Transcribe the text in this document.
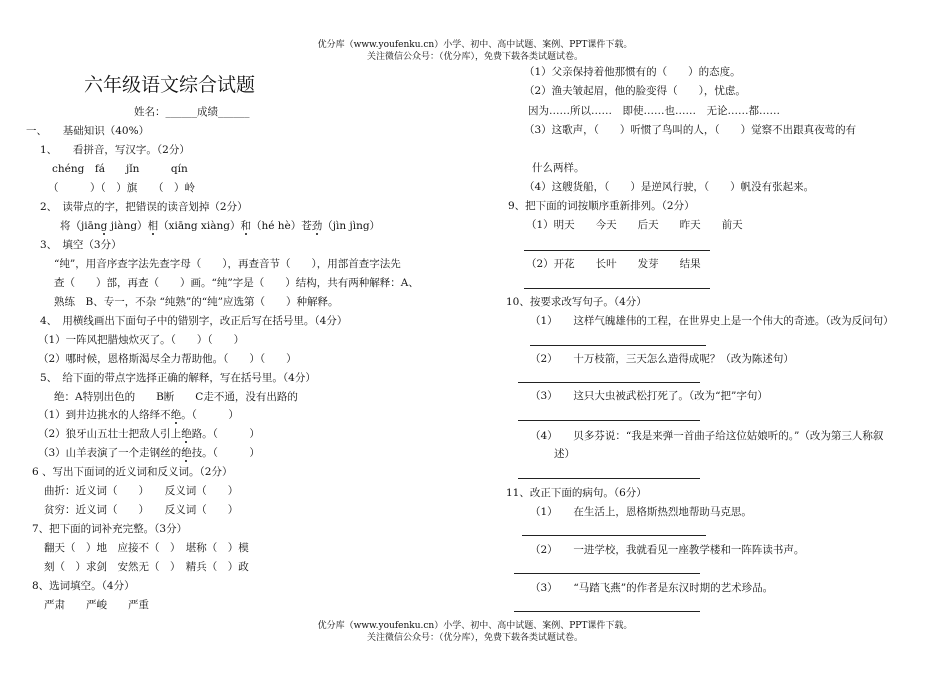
优分库（www.youfenku.cn）小学、初中、高中试题、案例、PPT课件下载。
关注微信公众号：（优分库），免费下载各类试题试卷。
六年级语文综合试题
姓名：______成绩______
一、　　基础知识（40%）
1、　　看拼音，写汉字。（2分）
chéng　fá　　jǐn　　　qín
（　　　）（　）旗　　（　）岭
2、　读带点的字，把错误的读音划掉（2分）
将（jiāng jiàng）相（xiāng xiàng）和（hé hè）苍劲（jìn jìng）
3、　填空（3分）
“纯”，用音序查字法先查字母（　　），再查音节（　　），用部首查字法先
查（　　）部，再查（　　）画。“纯”字是（　　）结构，共有两种解释：A、
熟练　B、专一，不杂 “纯熟”的“纯”应选第（　　）种解释。
4、　用横线画出下面句子中的错别字，改正后写在括号里。（4分）
（1）一阵风把腊烛炊灭了。（　　）（　　）
（2）哪时候，恩格斯渴尽全力帮助他。（　　）（　　）
5、　给下面的带点字选择正确的解释，写在括号里。（4分）
绝：A特别出色的　　B断　　C走不通，没有出路的
（1）到井边挑水的人络绎不绝。（　　　）
（2）狼牙山五壮士把敌人引上绝路。（　　　）
（3）山羊表演了一个走钢丝的绝技。（　　　）
6 、写出下面词的近义词和反义词。（2分）
曲折：近义词（　　）　　反义词（　　）
贫穷：近义词（　　）　　反义词（　　）
7、把下面的词补充完整。（3分）
翻天（　）地　应接不（　）　堪称（　）模
刻（　）求剑　安然无（　）　精兵（　）政
8、选词填空。（4分）
严肃　　严峻　　严重
（1）父亲保持着他那惯有的（　　）的态度。
（2）渔夫皱起眉，他的脸变得（　　），忧虑。
因为……所以……　即使……也……　无论……都……
（3）这歌声，（　　）听惯了鸟叫的人，（　　）觉察不出跟真夜莺的有
什么两样。
（4）这艘货船，（　　）是逆风行驶，（　　）帆没有张起来。
9、把下面的词按顺序重新排列。（2分）
（1）明天　　今天　　后天　　昨天　　前天
（2）开花　　长叶　　发芽　　结果
10、按要求改写句子。（4分）
（1）　　这样气魄雄伟的工程，在世界史上是一个伟大的奇迹。（改为反问句）
（2）　　十万枝箭，三天怎么造得成呢？（改为陈述句）
（3）　　这只大虫被武松打死了。（改为“把”字句）
（4）　　贝多芬说：“我是来弹一首曲子给这位姑娘听的。”（改为第三人称叙
述）
11、改正下面的病句。（6分）
（1）　　在生活上，恩格斯热烈地帮助马克思。
（2）　　一进学校，我就看见一座教学楼和一阵阵读书声。
（3）　　“马踏飞燕”的作者是东汉时期的艺术珍品。
优分库（www.youfenku.cn）小学、初中、高中试题、案例、PPT课件下载。
关注微信公众号：（优分库），免费下载各类试题试卷。
